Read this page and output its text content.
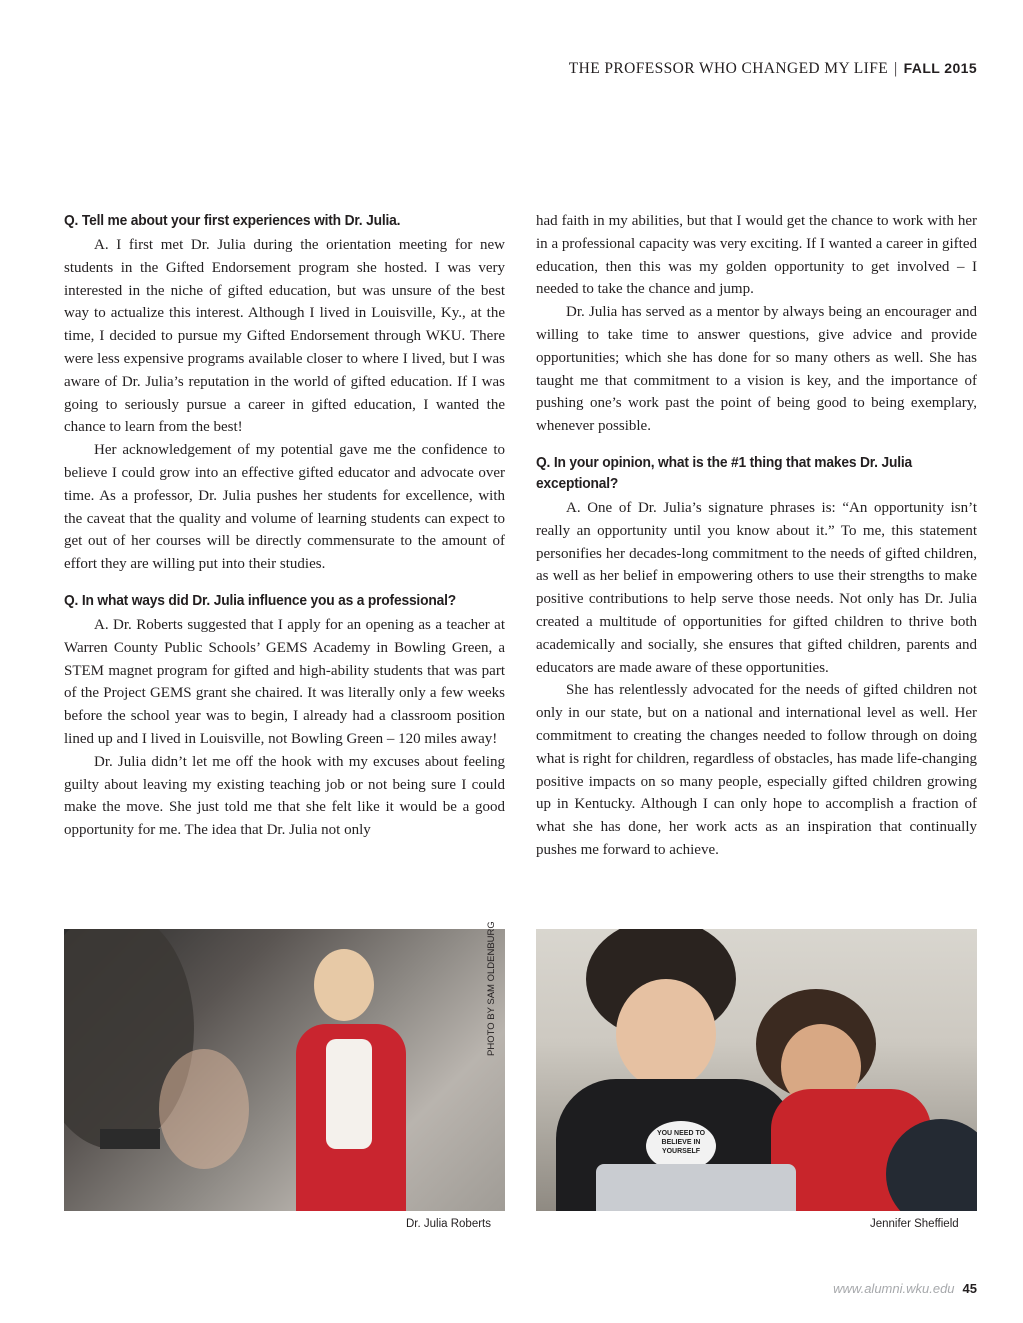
THE PROFESSOR WHO CHANGED MY LIFE | FALL 2015
Q. Tell me about your first experiences with Dr. Julia.

A. I first met Dr. Julia during the orientation meeting for new students in the Gifted Endorsement program she hosted. I was very interested in the niche of gifted education, but was unsure of the best way to actualize this interest. Although I lived in Louisville, Ky., at the time, I decided to pursue my Gifted Endorsement through WKU. There were less expensive programs available closer to where I lived, but I was aware of Dr. Julia’s reputation in the world of gifted education. If I was going to seriously pursue a career in gifted education, I wanted the chance to learn from the best!

Her acknowledgement of my potential gave me the confidence to believe I could grow into an effective gifted educator and advocate over time. As a professor, Dr. Julia pushes her students for excellence, with the caveat that the quality and volume of learning students can expect to get out of her courses will be directly commensurate to the amount of effort they are willing put into their studies.

Q. In what ways did Dr. Julia influence you as a professional?

A. Dr. Roberts suggested that I apply for an opening as a teacher at Warren County Public Schools’ GEMS Academy in Bowling Green, a STEM magnet program for gifted and high-ability students that was part of the Project GEMS grant she chaired. It was literally only a few weeks before the school year was to begin, I already had a classroom position lined up and I lived in Louisville, not Bowling Green – 120 miles away!

Dr. Julia didn’t let me off the hook with my excuses about feeling guilty about leaving my existing teaching job or not being sure I could make the move. She just told me that she felt like it would be a good opportunity for me. The idea that Dr. Julia not only

had faith in my abilities, but that I would get the chance to work with her in a professional capacity was very exciting. If I wanted a career in gifted education, then this was my golden opportunity to get involved – I needed to take the chance and jump.

Dr. Julia has served as a mentor by always being an encourager and willing to take time to answer questions, give advice and provide opportunities; which she has done for so many others as well. She has taught me that commitment to a vision is key, and the importance of pushing one’s work past the point of being good to being exemplary, whenever possible.

Q. In your opinion, what is the #1 thing that makes Dr. Julia exceptional?

A. One of Dr. Julia’s signature phrases is: “An opportunity isn’t really an opportunity until you know about it.” To me, this statement personifies her decades-long commitment to the needs of gifted children, as well as her belief in empowering others to use their strengths to make positive contributions to help serve those needs. Not only has Dr. Julia created a multitude of opportunities for gifted children to thrive both academically and socially, she ensures that gifted children, parents and educators are made aware of these opportunities.

She has relentlessly advocated for the needs of gifted children not only in our state, but on a national and international level as well. Her commitment to creating the changes needed to follow through on doing what is right for children, regardless of obstacles, has made life-changing positive impacts on so many people, especially gifted children growing up in Kentucky. Although I can only hope to accomplish a fraction of what she has done, her work acts as an inspiration that continually pushes me forward to achieve.

PHOTO BY SAM OLDENBURG
Dr. Julia Roberts
YOU NEED TO BELIEVE IN YOURSELF
Jennifer Sheffield
www.alumni.wku.edu 45
